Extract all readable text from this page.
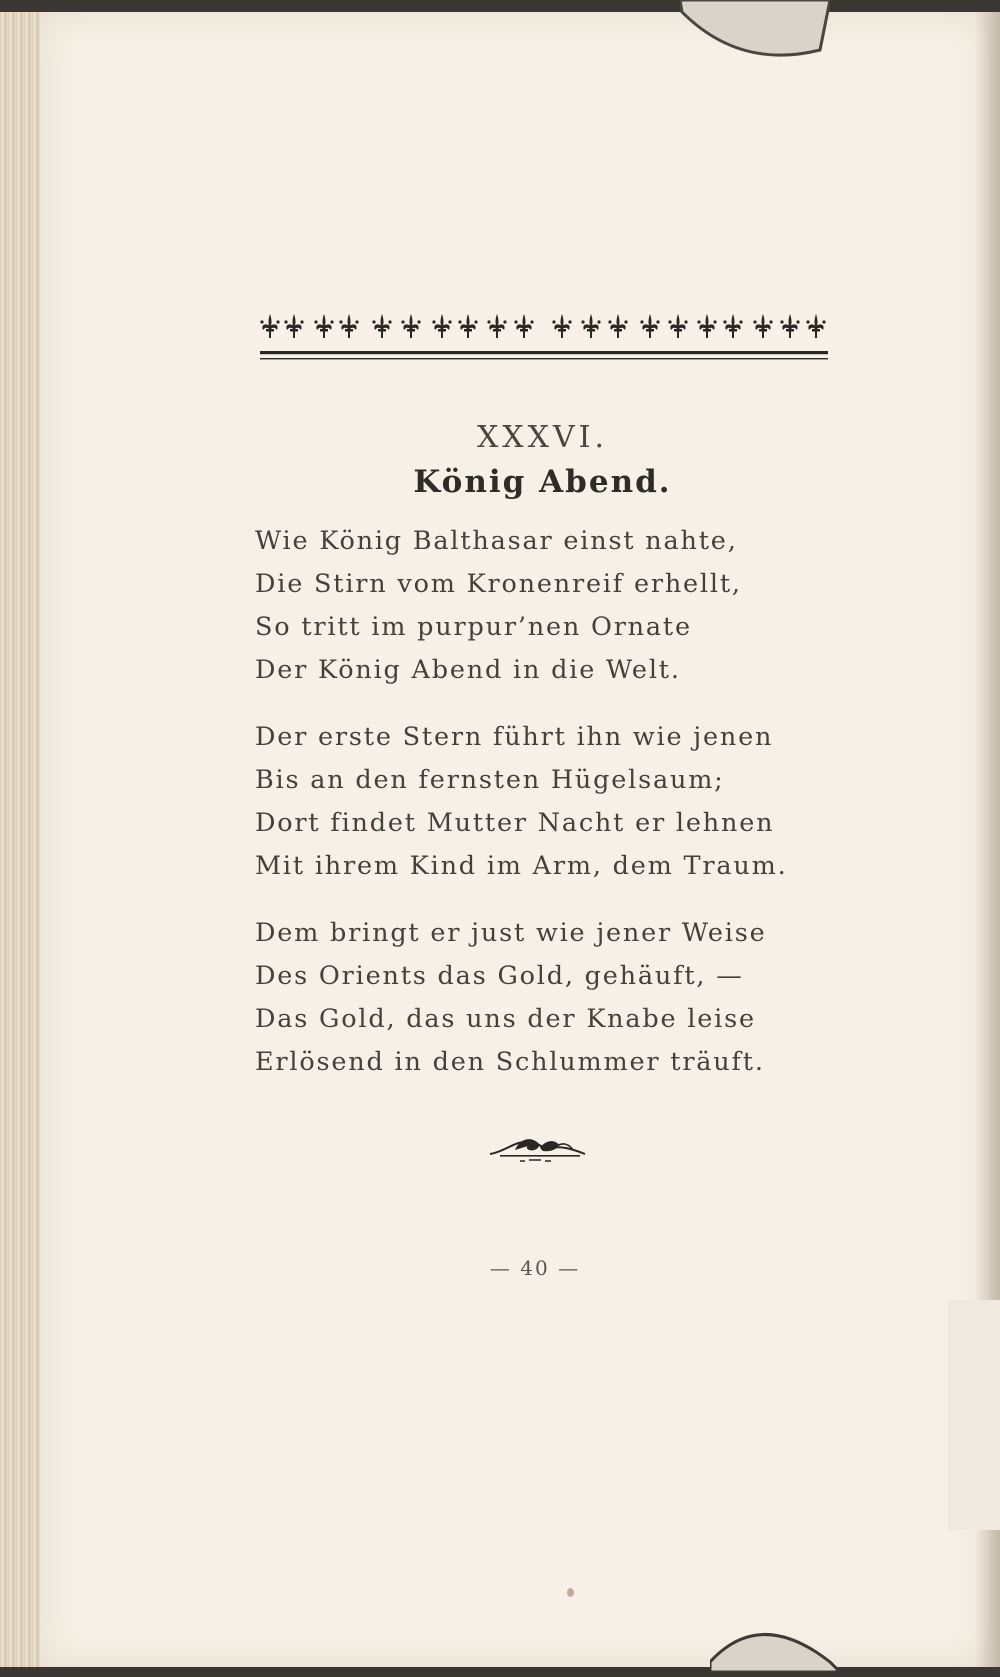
XXXVI.
König Abend.
Wie König Balthasar einst nahte,
Die Stirn vom Kronenreif erhellt,
So tritt im purpur’nen Ornate
Der König Abend in die Welt.
Der erste Stern führt ihn wie jenen
Bis an den fernsten Hügelsaum;
Dort findet Mutter Nacht er lehnen
Mit ihrem Kind im Arm, dem Traum.
Dem bringt er just wie jener Weise
Des Orients das Gold, gehäuft, —
Das Gold, das uns der Knabe leise
Erlösend in den Schlummer träuft.
— 40 —
